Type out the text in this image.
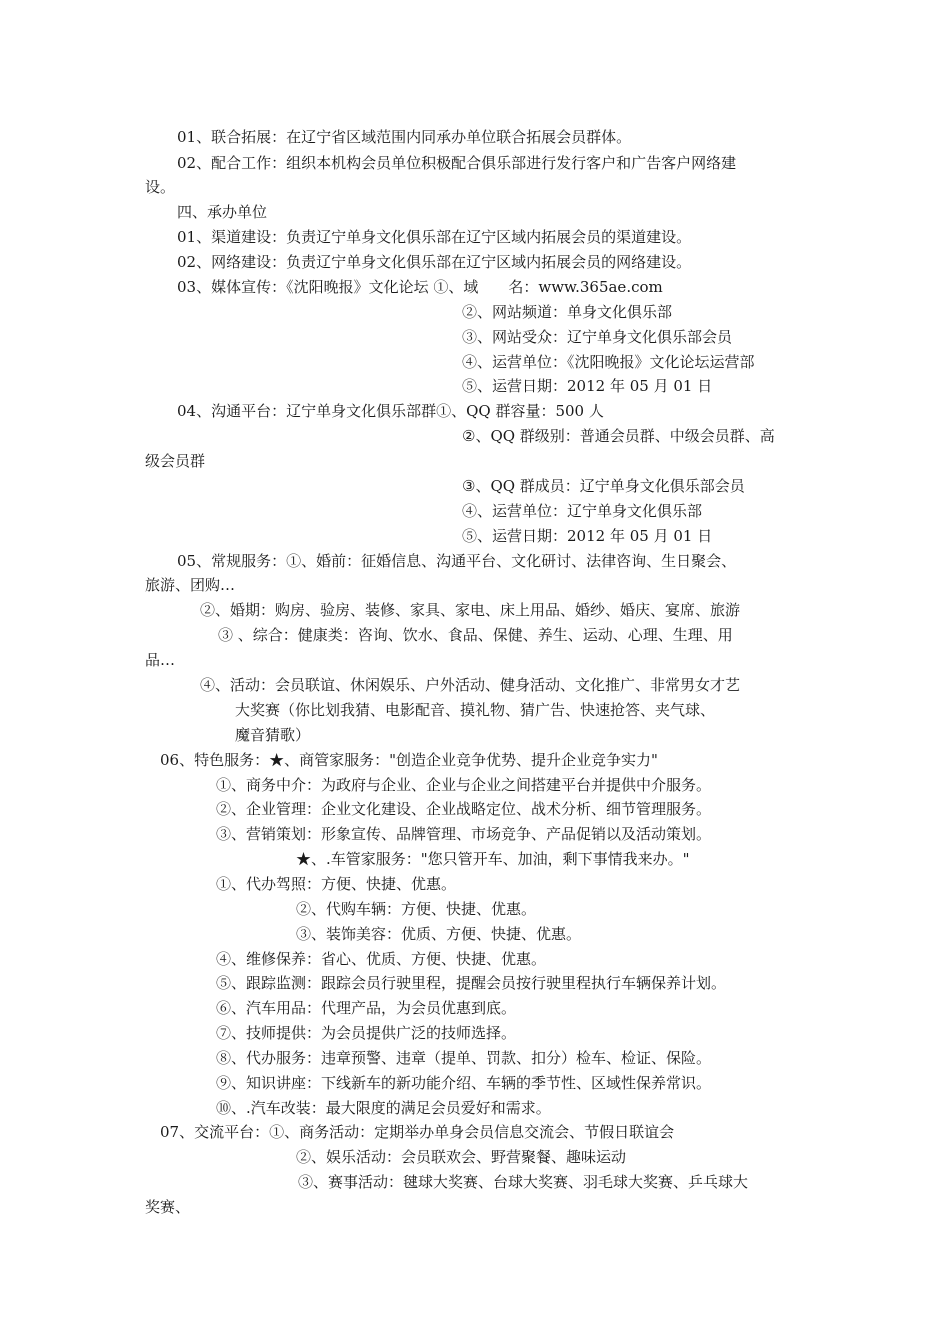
01、联合拓展：在辽宁省区域范围内同承办单位联合拓展会员群体。
02、配合工作：组织本机构会员单位积极配合俱乐部进行发行客户和广告客户网络建
设。
四、承办单位
01、渠道建设：负责辽宁单身文化俱乐部在辽宁区域内拓展会员的渠道建设。
02、网络建设：负责辽宁单身文化俱乐部在辽宁区域内拓展会员的网络建设。
03、媒体宣传：《沈阳晚报》文化论坛 ①、域　　名：www.365ae.com
②、网站频道：单身文化俱乐部
③、网站受众：辽宁单身文化俱乐部会员
④、运营单位：《沈阳晚报》文化论坛运营部
⑤、运营日期：2012 年 05 月 01 日
04、沟通平台：辽宁单身文化俱乐部群①、QQ 群容量：500 人
②、QQ 群级别：普通会员群、中级会员群、高
级会员群
③、QQ 群成员：辽宁单身文化俱乐部会员
④、运营单位：辽宁单身文化俱乐部
⑤、运营日期：2012 年 05 月 01 日
05、常规服务：①、婚前：征婚信息、沟通平台、文化研讨、法律咨询、生日聚会、
旅游、团购…
②、婚期：购房、验房、装修、家具、家电、床上用品、婚纱、婚庆、宴席、旅游
③ 、综合：健康类：咨询、饮水、食品、保健、养生、运动、心理、生理、用
品…
④、活动：会员联谊、休闲娱乐、户外活动、健身活动、文化推广、非常男女才艺
大奖赛（你比划我猜、电影配音、摸礼物、猜广告、快速抢答、夹气球、
魔音猜歌）
06、特色服务：★、商管家服务："创造企业竞争优势、提升企业竞争实力"
①、商务中介：为政府与企业、企业与企业之间搭建平台并提供中介服务。
②、企业管理：企业文化建设、企业战略定位、战术分析、细节管理服务。
③、营销策划：形象宣传、品牌管理、市场竞争、产品促销以及活动策划。
★、.车管家服务："您只管开车、加油，剩下事情我来办。"
①、代办驾照：方便、快捷、优惠。
②、代购车辆：方便、快捷、优惠。
③、装饰美容：优质、方便、快捷、优惠。
④、维修保养：省心、优质、方便、快捷、优惠。
⑤、跟踪监测：跟踪会员行驶里程，提醒会员按行驶里程执行车辆保养计划。
⑥、汽车用品：代理产品，为会员优惠到底。
⑦、技师提供：为会员提供广泛的技师选择。
⑧、代办服务：违章预警、违章（提单、罚款、扣分）检车、检证、保险。
⑨、知识讲座：下线新车的新功能介绍、车辆的季节性、区域性保养常识。
⑩、.汽车改装：最大限度的满足会员爱好和需求。
07、交流平台：①、商务活动：定期举办单身会员信息交流会、节假日联谊会
②、娱乐活动：会员联欢会、野营聚餐、趣味运动
③、赛事活动：毽球大奖赛、台球大奖赛、羽毛球大奖赛、乒乓球大
奖赛、
